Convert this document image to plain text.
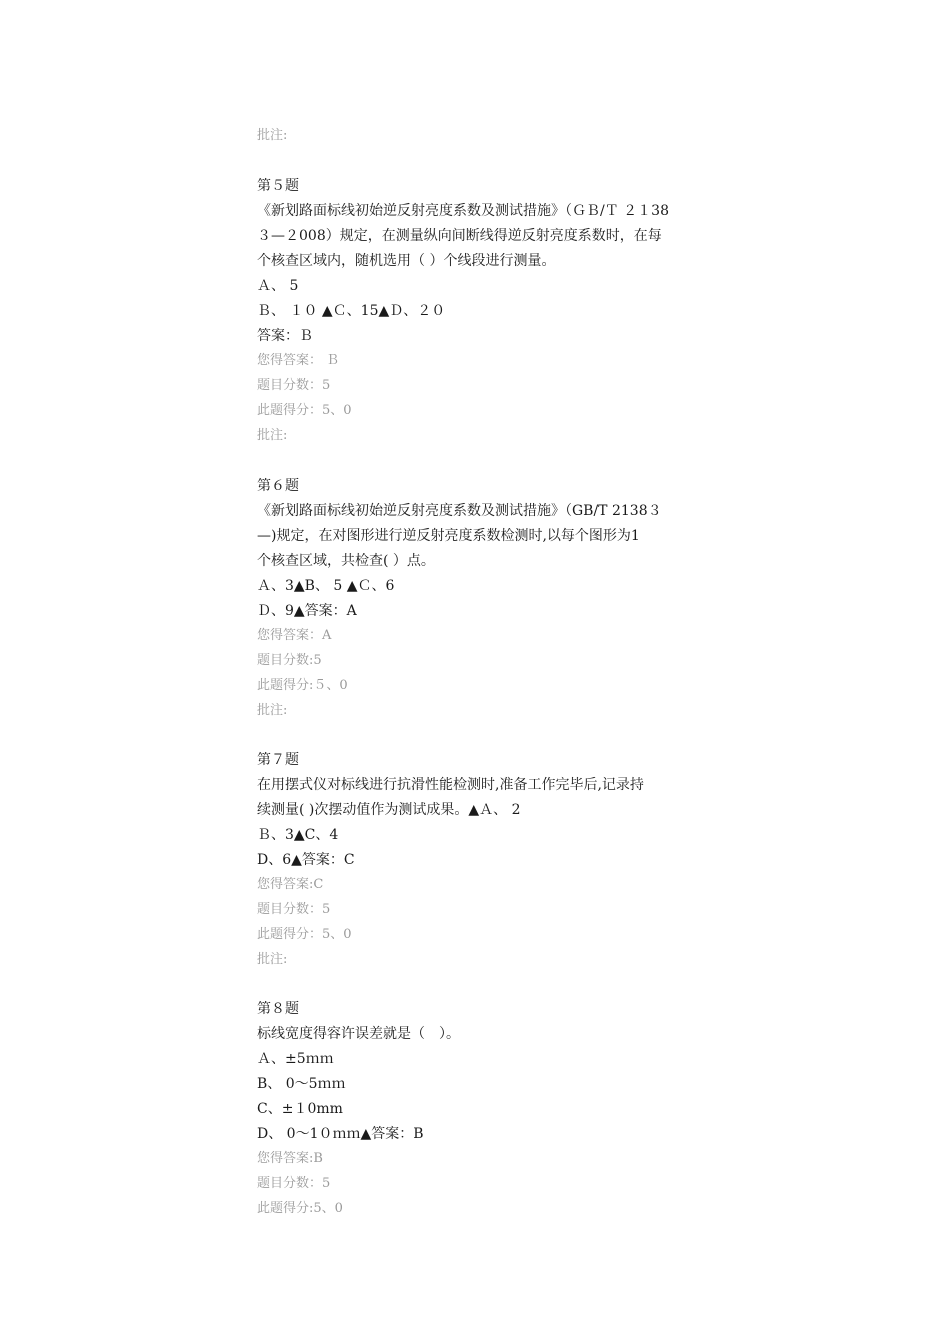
批注:
第５题
《新划路面标线初始逆反射亮度系数及测试措施》（ＧＢ/Ｔ ２１38
３—２008）规定，在测量纵向间断线得逆反射亮度系数时，在每
个核查区域内，随机选用（ ）个线段进行测量。
Ａ、 5
Ｂ、 １０ ▲Ｃ、15▲Ｄ、２０
答案：Ｂ
您得答案： Ｂ
题目分数：5
此题得分：5、0
批注:
第６题
《新划路面标线初始逆反射亮度系数及测试措施》（GB/T 2138３
—)规定，在对图形进行逆反射亮度系数检测时,以每个图形为1
个核查区域，共检查( ）点。
Ａ、3▲B、 5 ▲Ｃ、6
Ｄ、9▲答案：A
您得答案：A
题目分数:5
此题得分:５、0
批注:
第７题
在用摆式仪对标线进行抗滑性能检测时,准备工作完毕后,记录持
续测量( )次摆动值作为测试成果。▲Ａ、 2
Ｂ、3▲C、4
D、6▲答案：C
您得答案:C
题目分数：5
此题得分：5、0
批注:
第８题
标线宽度得容许误差就是（　）。
Ａ、±5ｍｍ
B、 0～5ｍｍ
C、±１0mm
D、 0～1０ｍｍ▲答案：B
您得答案:B
题目分数：5
此题得分:5、0
